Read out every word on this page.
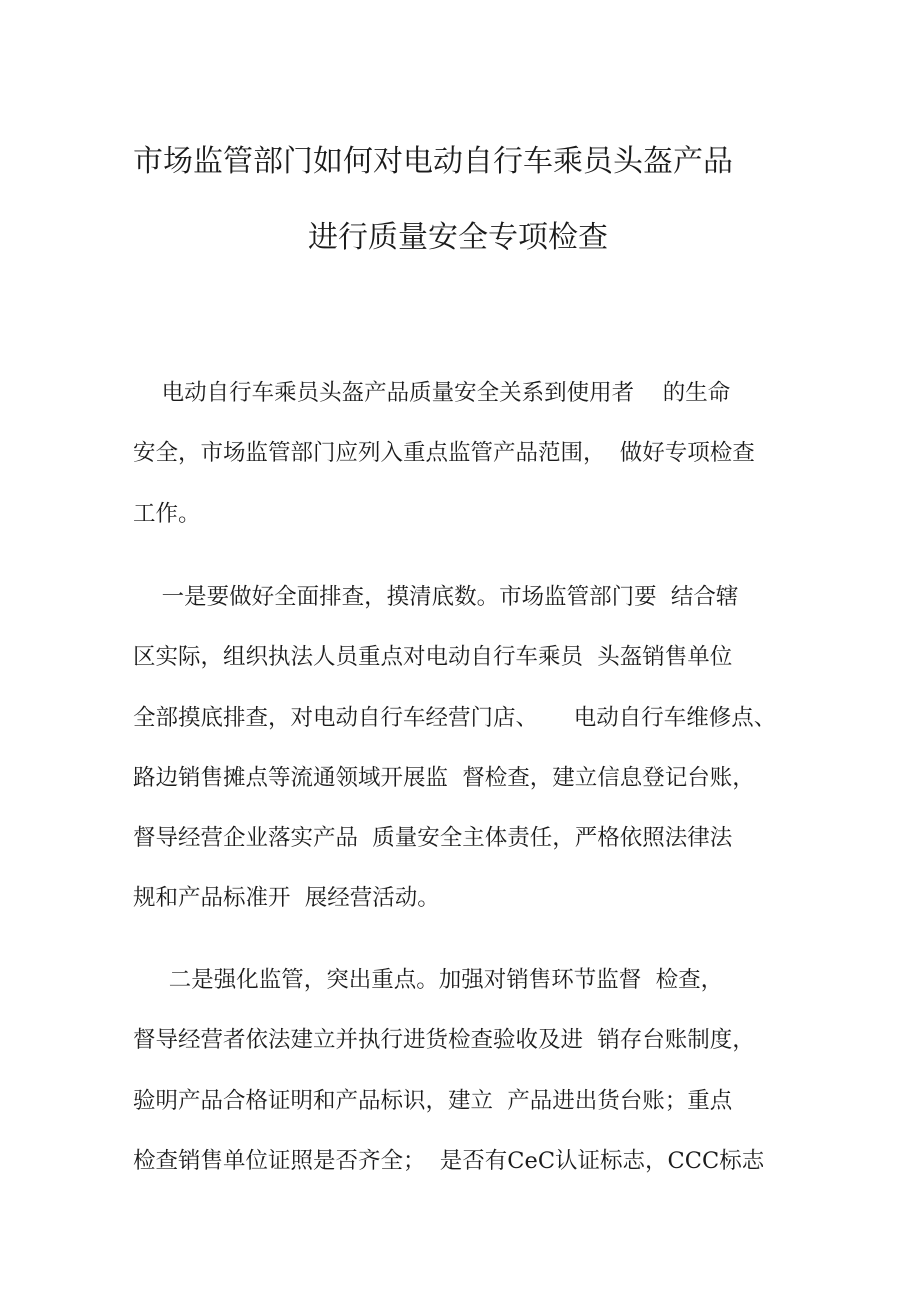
市场监管部门如何对电动自行车乘员头盔产品
进行质量安全专项检查
电动自行车乘员头盔产品质量安全关系到使用者    的生命
安全，市场监管部门应列入重点监管产品范围，  做好专项检查
工作。
一是要做好全面排查，摸清底数。市场监管部门要  结合辖
区实际，组织执法人员重点对电动自行车乘员  头盔销售单位
全部摸底排查，对电动自行车经营门店、     电动自行车维修点、
路边销售摊点等流通领域开展监  督检查，建立信息登记台账，
督导经营企业落实产品  质量安全主体责任，严格依照法律法
规和产品标准开  展经营活动。
二是强化监管，突出重点。加强对销售环节监督  检查，
督导经营者依法建立并执行进货检查验收及进  销存台账制度，
验明产品合格证明和产品标识，建立  产品进出货台账；重点
检查销售单位证照是否齐全；  是否有CeC认证标志，CCC标志
